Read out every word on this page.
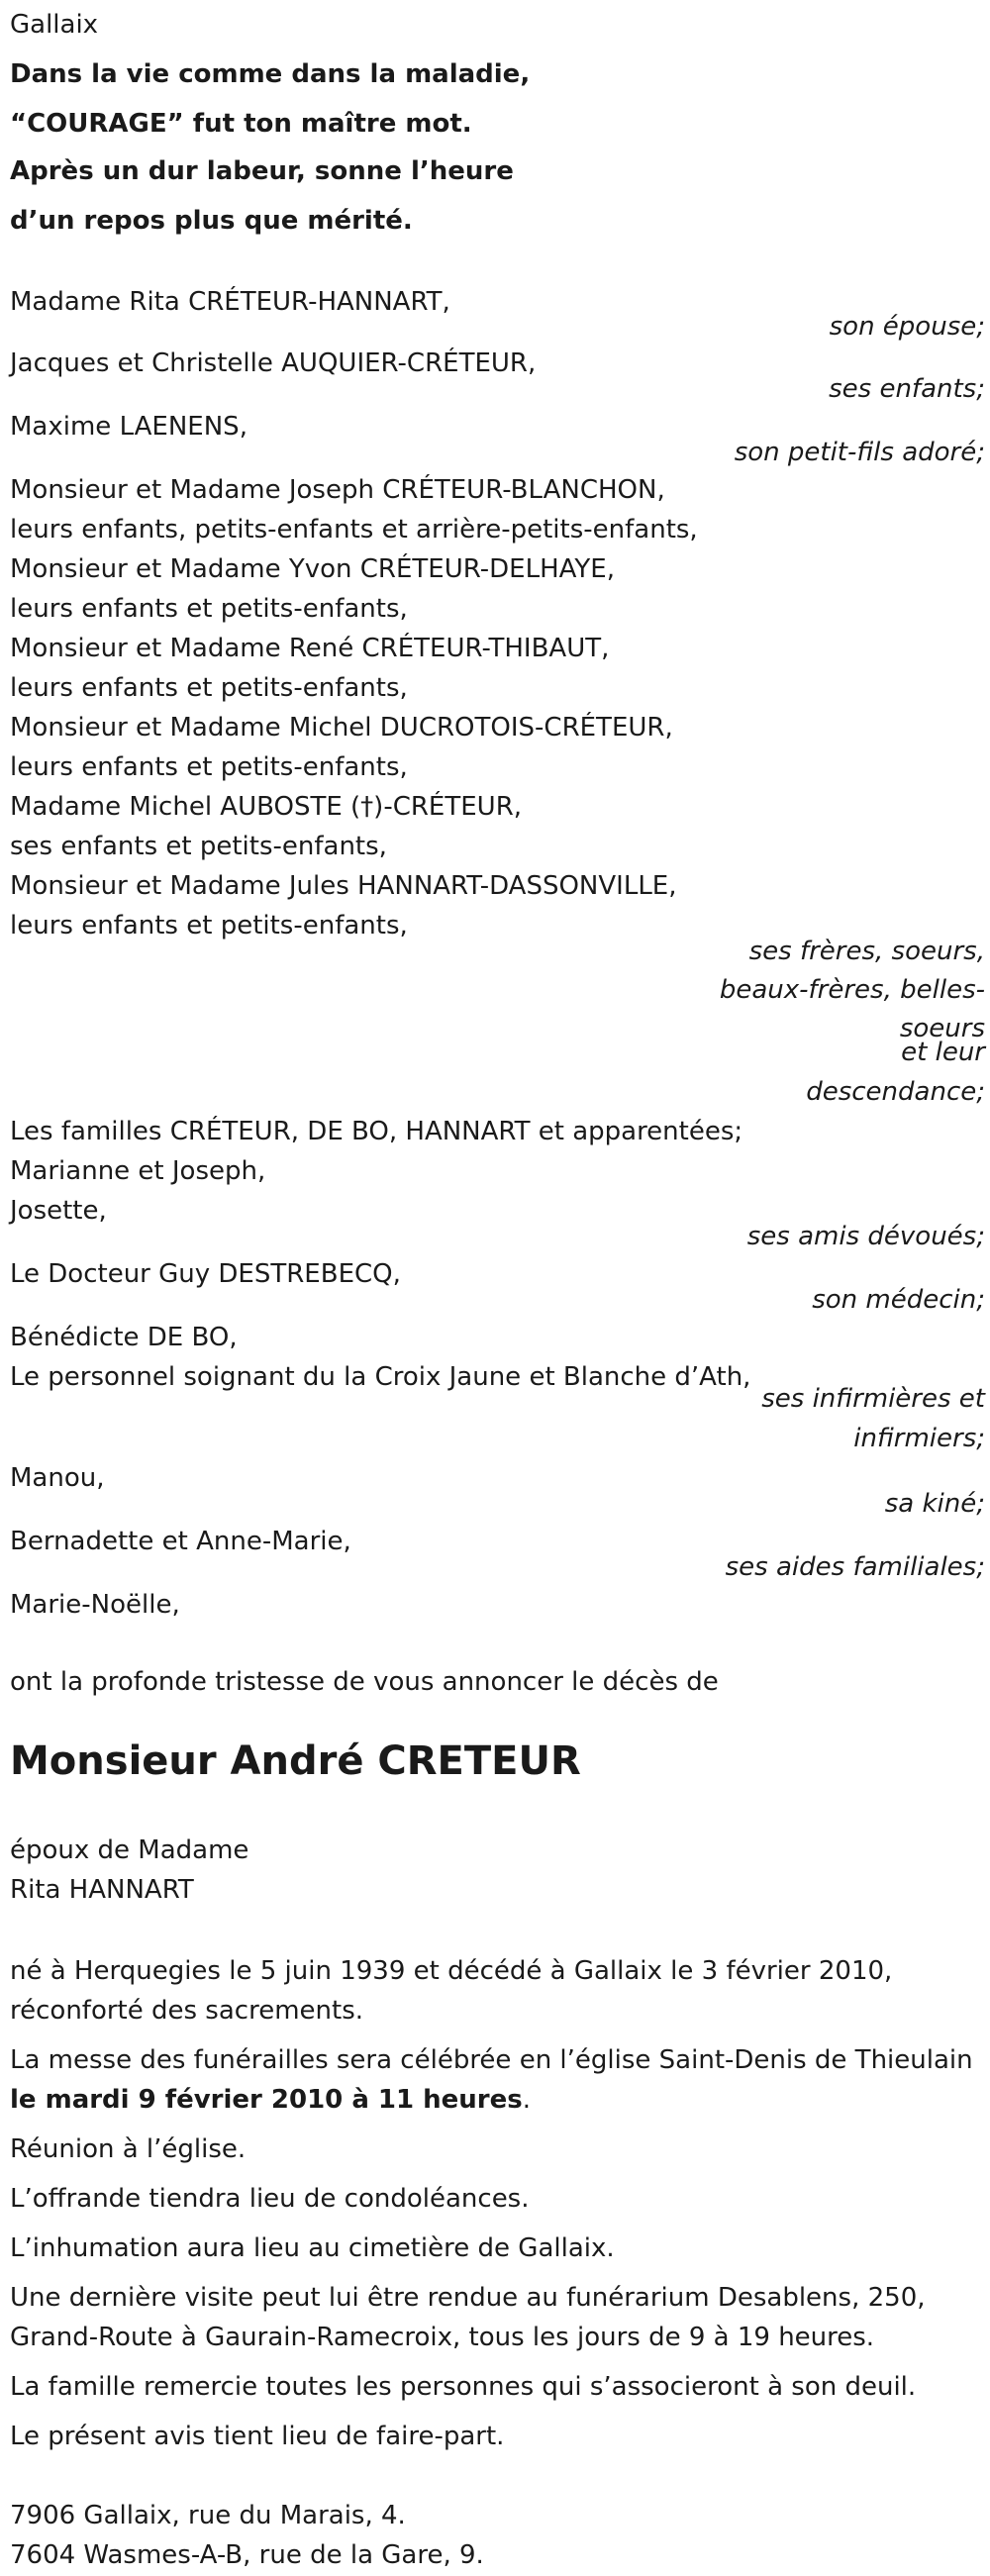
Gallaix
Dans la vie comme dans la maladie,
“COURAGE” fut ton maître mot.
Après un dur labeur, sonne l’heure
d’un repos plus que mérité.
Madame Rita CRÉTEUR-HANNART,
son épouse;
Jacques et Christelle AUQUIER-CRÉTEUR,
ses enfants;
Maxime LAENENS,
son petit-fils adoré;
Monsieur et Madame Joseph CRÉTEUR-BLANCHON,
leurs enfants, petits-enfants et arrière-petits-enfants,
Monsieur et Madame Yvon CRÉTEUR-DELHAYE,
leurs enfants et petits-enfants,
Monsieur et Madame René CRÉTEUR-THIBAUT,
leurs enfants et petits-enfants,
Monsieur et Madame Michel DUCROTOIS-CRÉTEUR,
leurs enfants et petits-enfants,
Madame Michel AUBOSTE (†)-CRÉTEUR,
ses enfants et petits-enfants,
Monsieur et Madame Jules HANNART-DASSONVILLE,
leurs enfants et petits-enfants,
ses frères, soeurs,
beaux-frères, belles-
soeurs
et leur
descendance;
Les familles CRÉTEUR, DE BO, HANNART et apparentées;
Marianne et Joseph,
Josette,
ses amis dévoués;
Le Docteur Guy DESTREBECQ,
son médecin;
Bénédicte DE BO,
Le personnel soignant du la Croix Jaune et Blanche d’Ath,
ses infirmières et
infirmiers;
Manou,
sa kiné;
Bernadette et Anne-Marie,
ses aides familiales;
Marie-Noëlle,
ont la profonde tristesse de vous annoncer le décès de
Monsieur André CRETEUR
époux de Madame
Rita HANNART
né à Herquegies le 5 juin 1939 et décédé à Gallaix le 3 février 2010,
réconforté des sacrements.
La messe des funérailles sera célébrée en l’église Saint-Denis de Thieulain
le mardi 9 février 2010 à 11 heures.
Réunion à l’église.
L’offrande tiendra lieu de condoléances.
L’inhumation aura lieu au cimetière de Gallaix.
Une dernière visite peut lui être rendue au funérarium Desablens, 250,
Grand-Route à Gaurain-Ramecroix, tous les jours de 9 à 19 heures.
La famille remercie toutes les personnes qui s’associeront à son deuil.
Le présent avis tient lieu de faire-part.
7906 Gallaix, rue du Marais, 4.
7604 Wasmes-A-B, rue de la Gare, 9.
